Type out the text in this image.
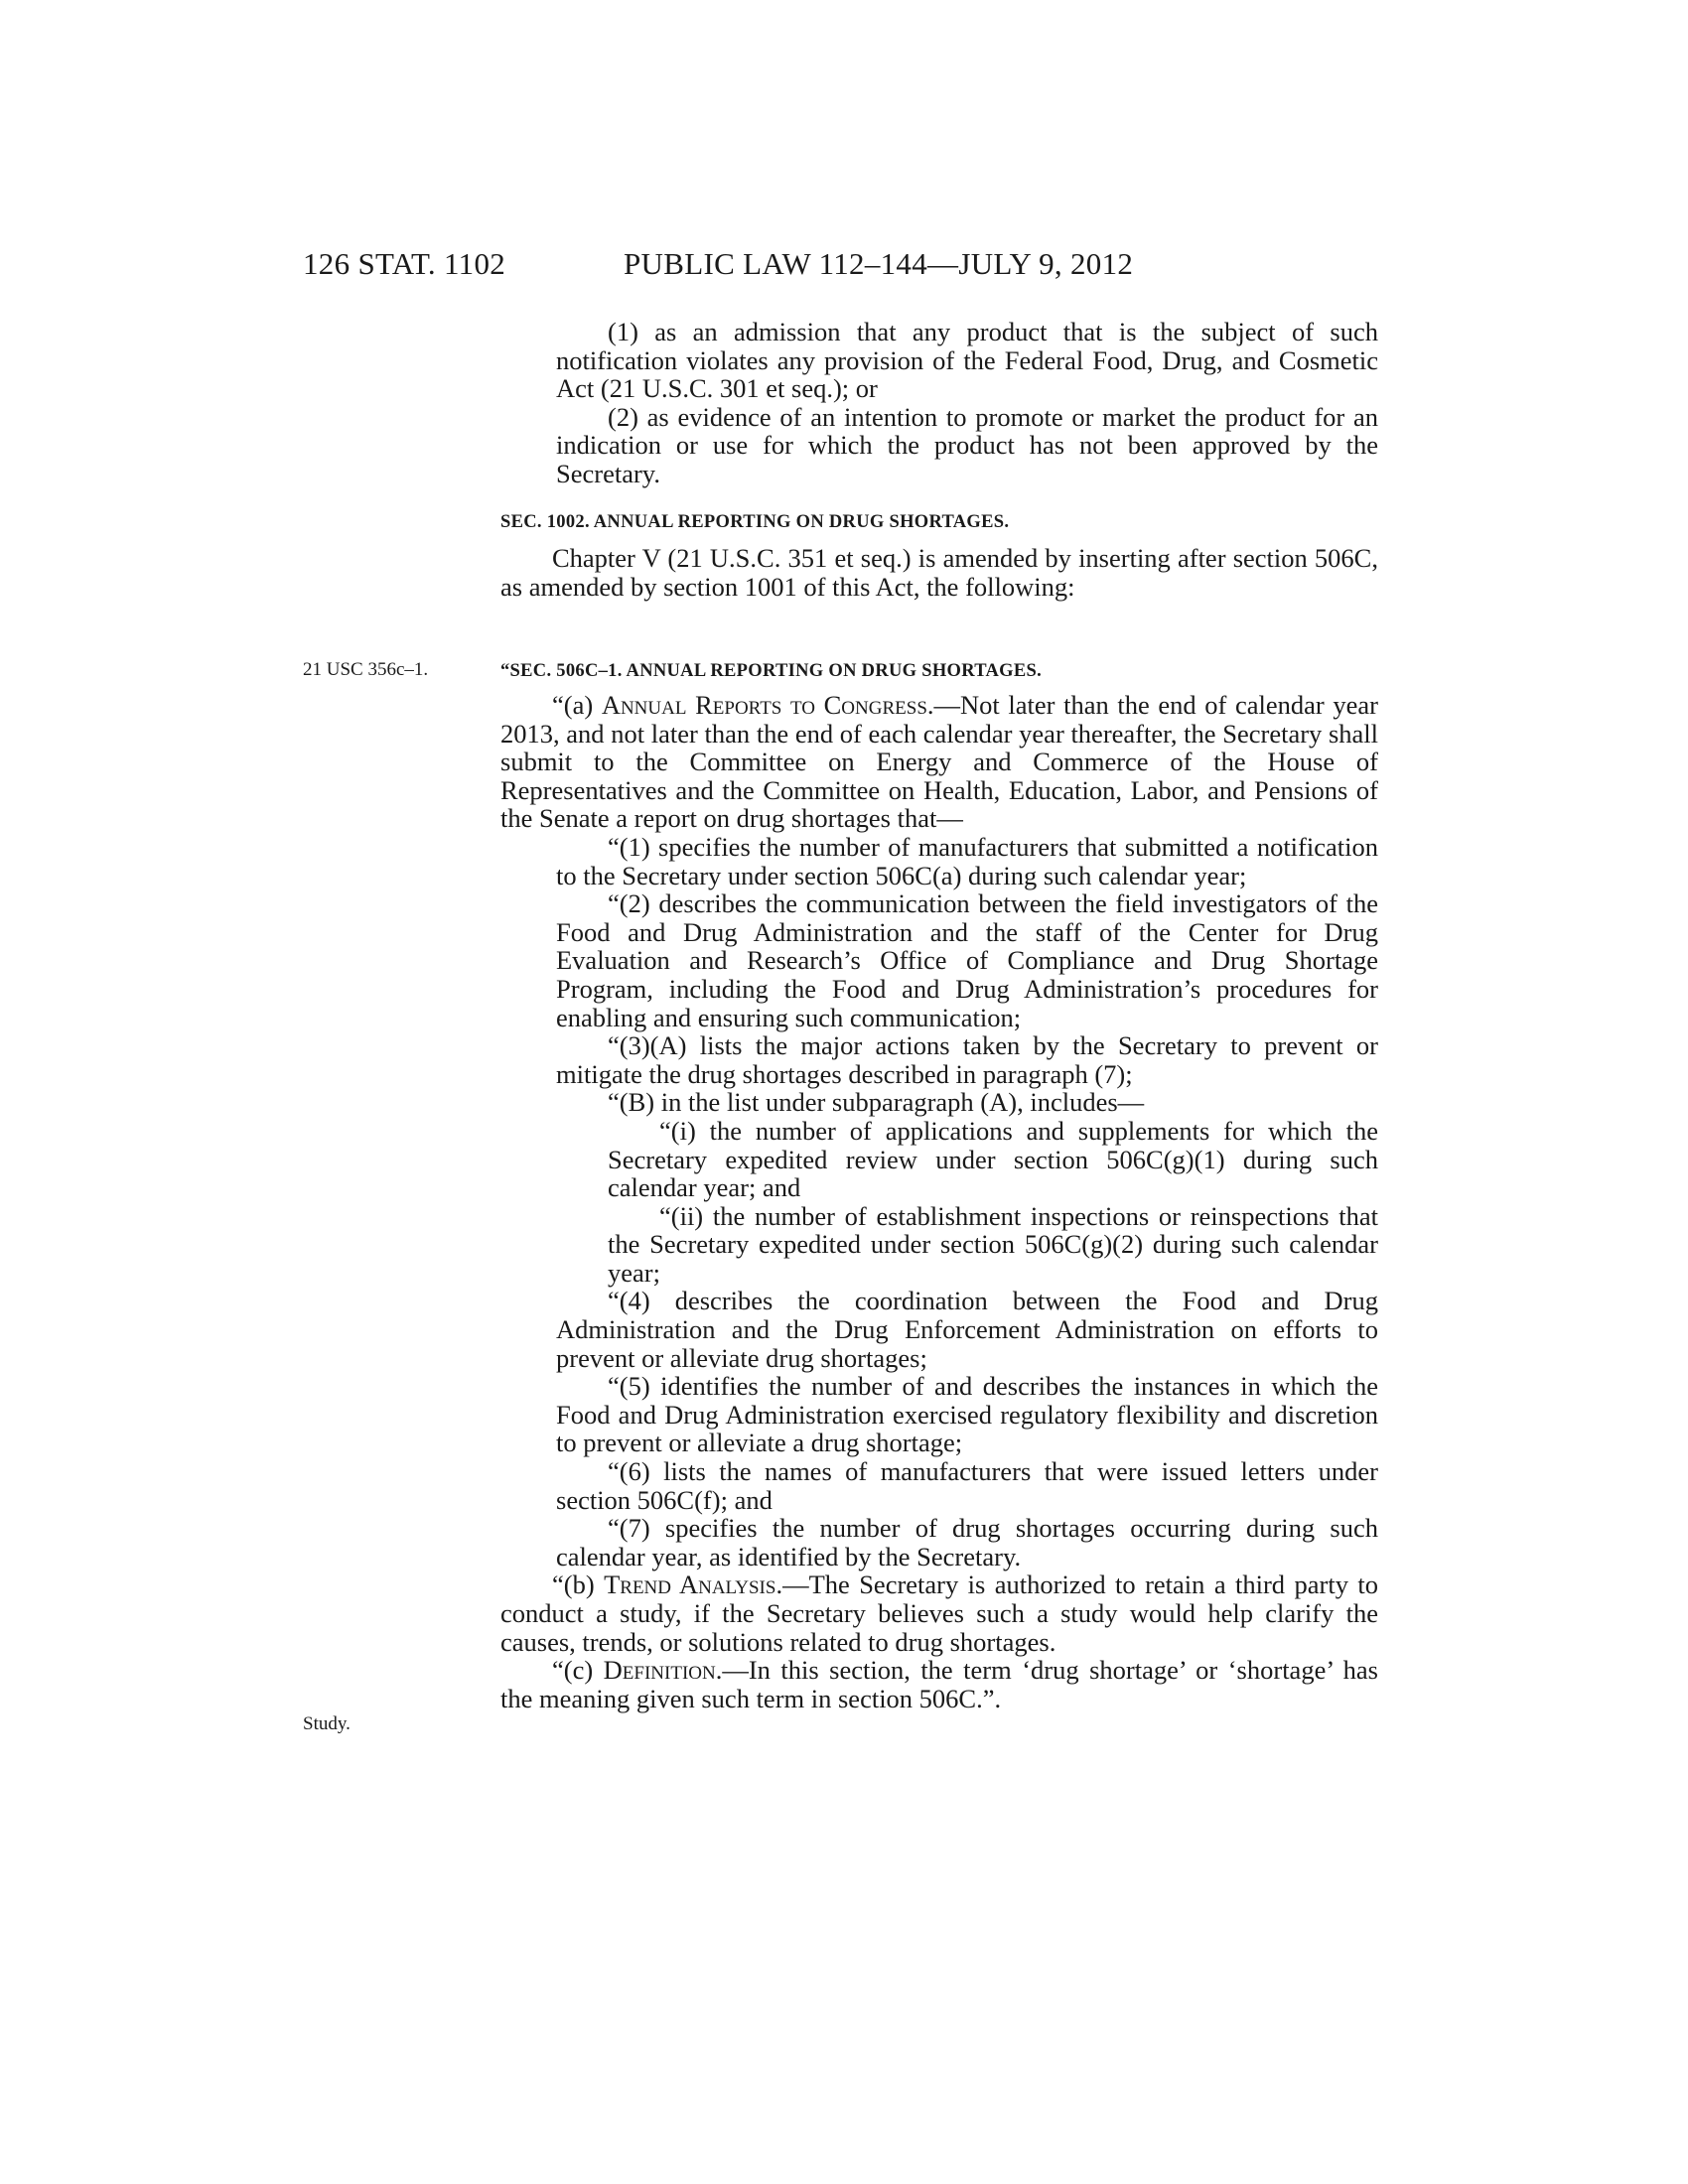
126 STAT. 1102	PUBLIC LAW 112–144—JULY 9, 2012

(1) as an admission that any product that is the subject of such notification violates any provision of the Federal Food, Drug, and Cosmetic Act (21 U.S.C. 301 et seq.); or

(2) as evidence of an intention to promote or market the product for an indication or use for which the product has not been approved by the Secretary.

SEC. 1002. ANNUAL REPORTING ON DRUG SHORTAGES.

Chapter V (21 U.S.C. 351 et seq.) is amended by inserting after section 506C, as amended by section 1001 of this Act, the following:

21 USC 356c–1.	“SEC. 506C–1. ANNUAL REPORTING ON DRUG SHORTAGES.

“(a) Annual Reports to Congress.—Not later than the end of calendar year 2013, and not later than the end of each calendar year thereafter, the Secretary shall submit to the Committee on Energy and Commerce of the House of Representatives and the Committee on Health, Education, Labor, and Pensions of the Senate a report on drug shortages that—

“(1) specifies the number of manufacturers that submitted a notification to the Secretary under section 506C(a) during such calendar year;

“(2) describes the communication between the field investigators of the Food and Drug Administration and the staff of the Center for Drug Evaluation and Research’s Office of Compliance and Drug Shortage Program, including the Food and Drug Administration’s procedures for enabling and ensuring such communication;

“(3)(A) lists the major actions taken by the Secretary to prevent or mitigate the drug shortages described in paragraph (7);

“(B) in the list under subparagraph (A), includes—

“(i) the number of applications and supplements for which the Secretary expedited review under section 506C(g)(1) during such calendar year; and

“(ii) the number of establishment inspections or reinspections that the Secretary expedited under section 506C(g)(2) during such calendar year;

“(4) describes the coordination between the Food and Drug Administration and the Drug Enforcement Administration on efforts to prevent or alleviate drug shortages;

“(5) identifies the number of and describes the instances in which the Food and Drug Administration exercised regulatory flexibility and discretion to prevent or alleviate a drug shortage;

“(6) lists the names of manufacturers that were issued letters under section 506C(f); and

“(7) specifies the number of drug shortages occurring during such calendar year, as identified by the Secretary.

“(b) Trend Analysis.—The Secretary is authorized to retain a third party to conduct a study, if the Secretary believes such a study would help clarify the causes, trends, or solutions related to drug shortages.

“(c) Definition.—In this section, the term ‘drug shortage’ or ‘shortage’ has the meaning given such term in section 506C.”.

Study.
